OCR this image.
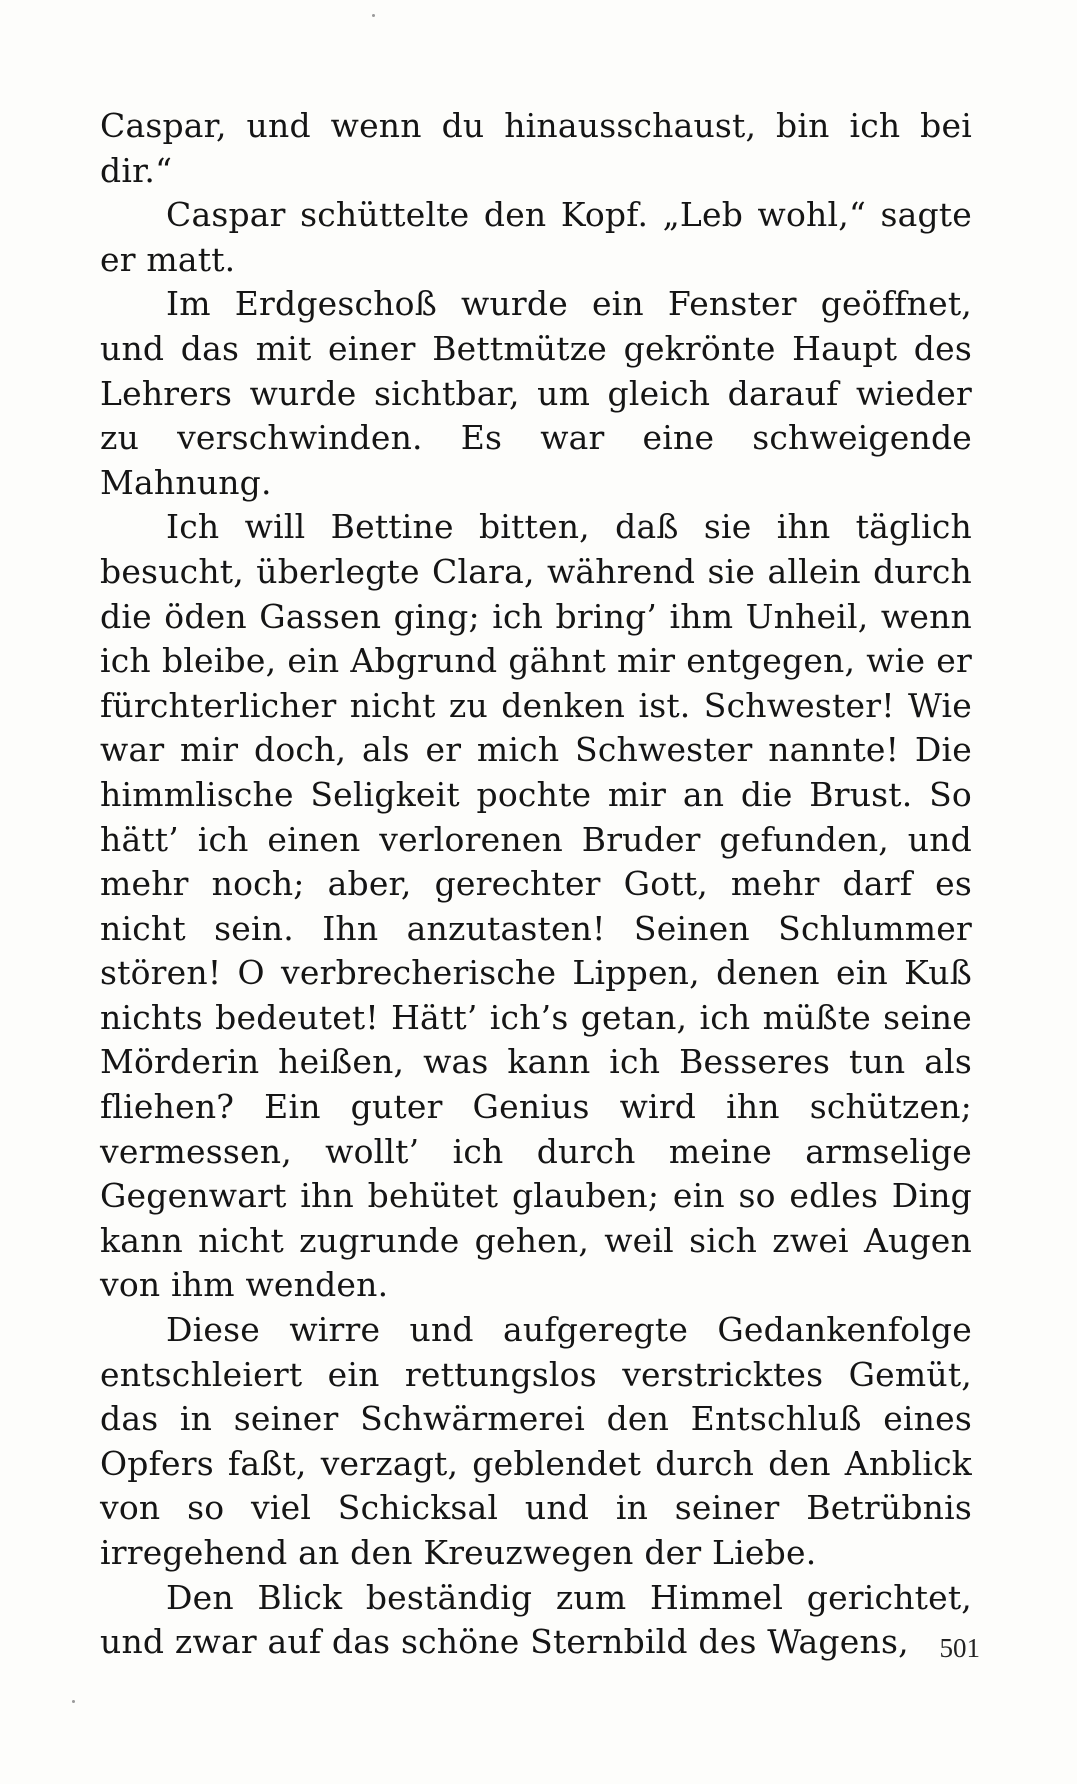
Caspar, und wenn du hinausschaust, bin ich bei dir.“

Caspar schüttelte den Kopf. „Leb wohl,“ sagte er matt.

Im Erdgeschoß wurde ein Fenster geöffnet, und das mit einer Bettmütze gekrönte Haupt des Lehrers wurde sichtbar, um gleich darauf wieder zu verschwinden. Es war eine schweigende Mahnung.

Ich will Bettine bitten, daß sie ihn täglich besucht, überlegte Clara, während sie allein durch die öden Gassen ging; ich bring’ ihm Unheil, wenn ich bleibe, ein Abgrund gähnt mir entgegen, wie er fürchterlicher nicht zu denken ist. Schwester! Wie war mir doch, als er mich Schwester nannte! Die himmlische Seligkeit pochte mir an die Brust. So hätt’ ich einen verlorenen Bruder gefunden, und mehr noch; aber, gerechter Gott, mehr darf es nicht sein. Ihn anzutasten! Seinen Schlummer stören! O verbrecherische Lippen, denen ein Kuß nichts bedeutet! Hätt’ ich’s getan, ich müßte seine Mörderin heißen, was kann ich Besseres tun als fliehen? Ein guter Genius wird ihn schützen; vermessen, wollt’ ich durch meine armselige Gegenwart ihn behütet glauben; ein so edles Ding kann nicht zugrunde gehen, weil sich zwei Augen von ihm wenden.

Diese wirre und aufgeregte Gedankenfolge entschleiert ein rettungslos verstricktes Gemüt, das in seiner Schwärmerei den Entschluß eines Opfers faßt, verzagt, geblendet durch den Anblick von so viel Schicksal und in seiner Betrübnis irregehend an den Kreuzwegen der Liebe.

Den Blick beständig zum Himmel gerichtet, und zwar auf das schöne Sternbild des Wagens,	501
